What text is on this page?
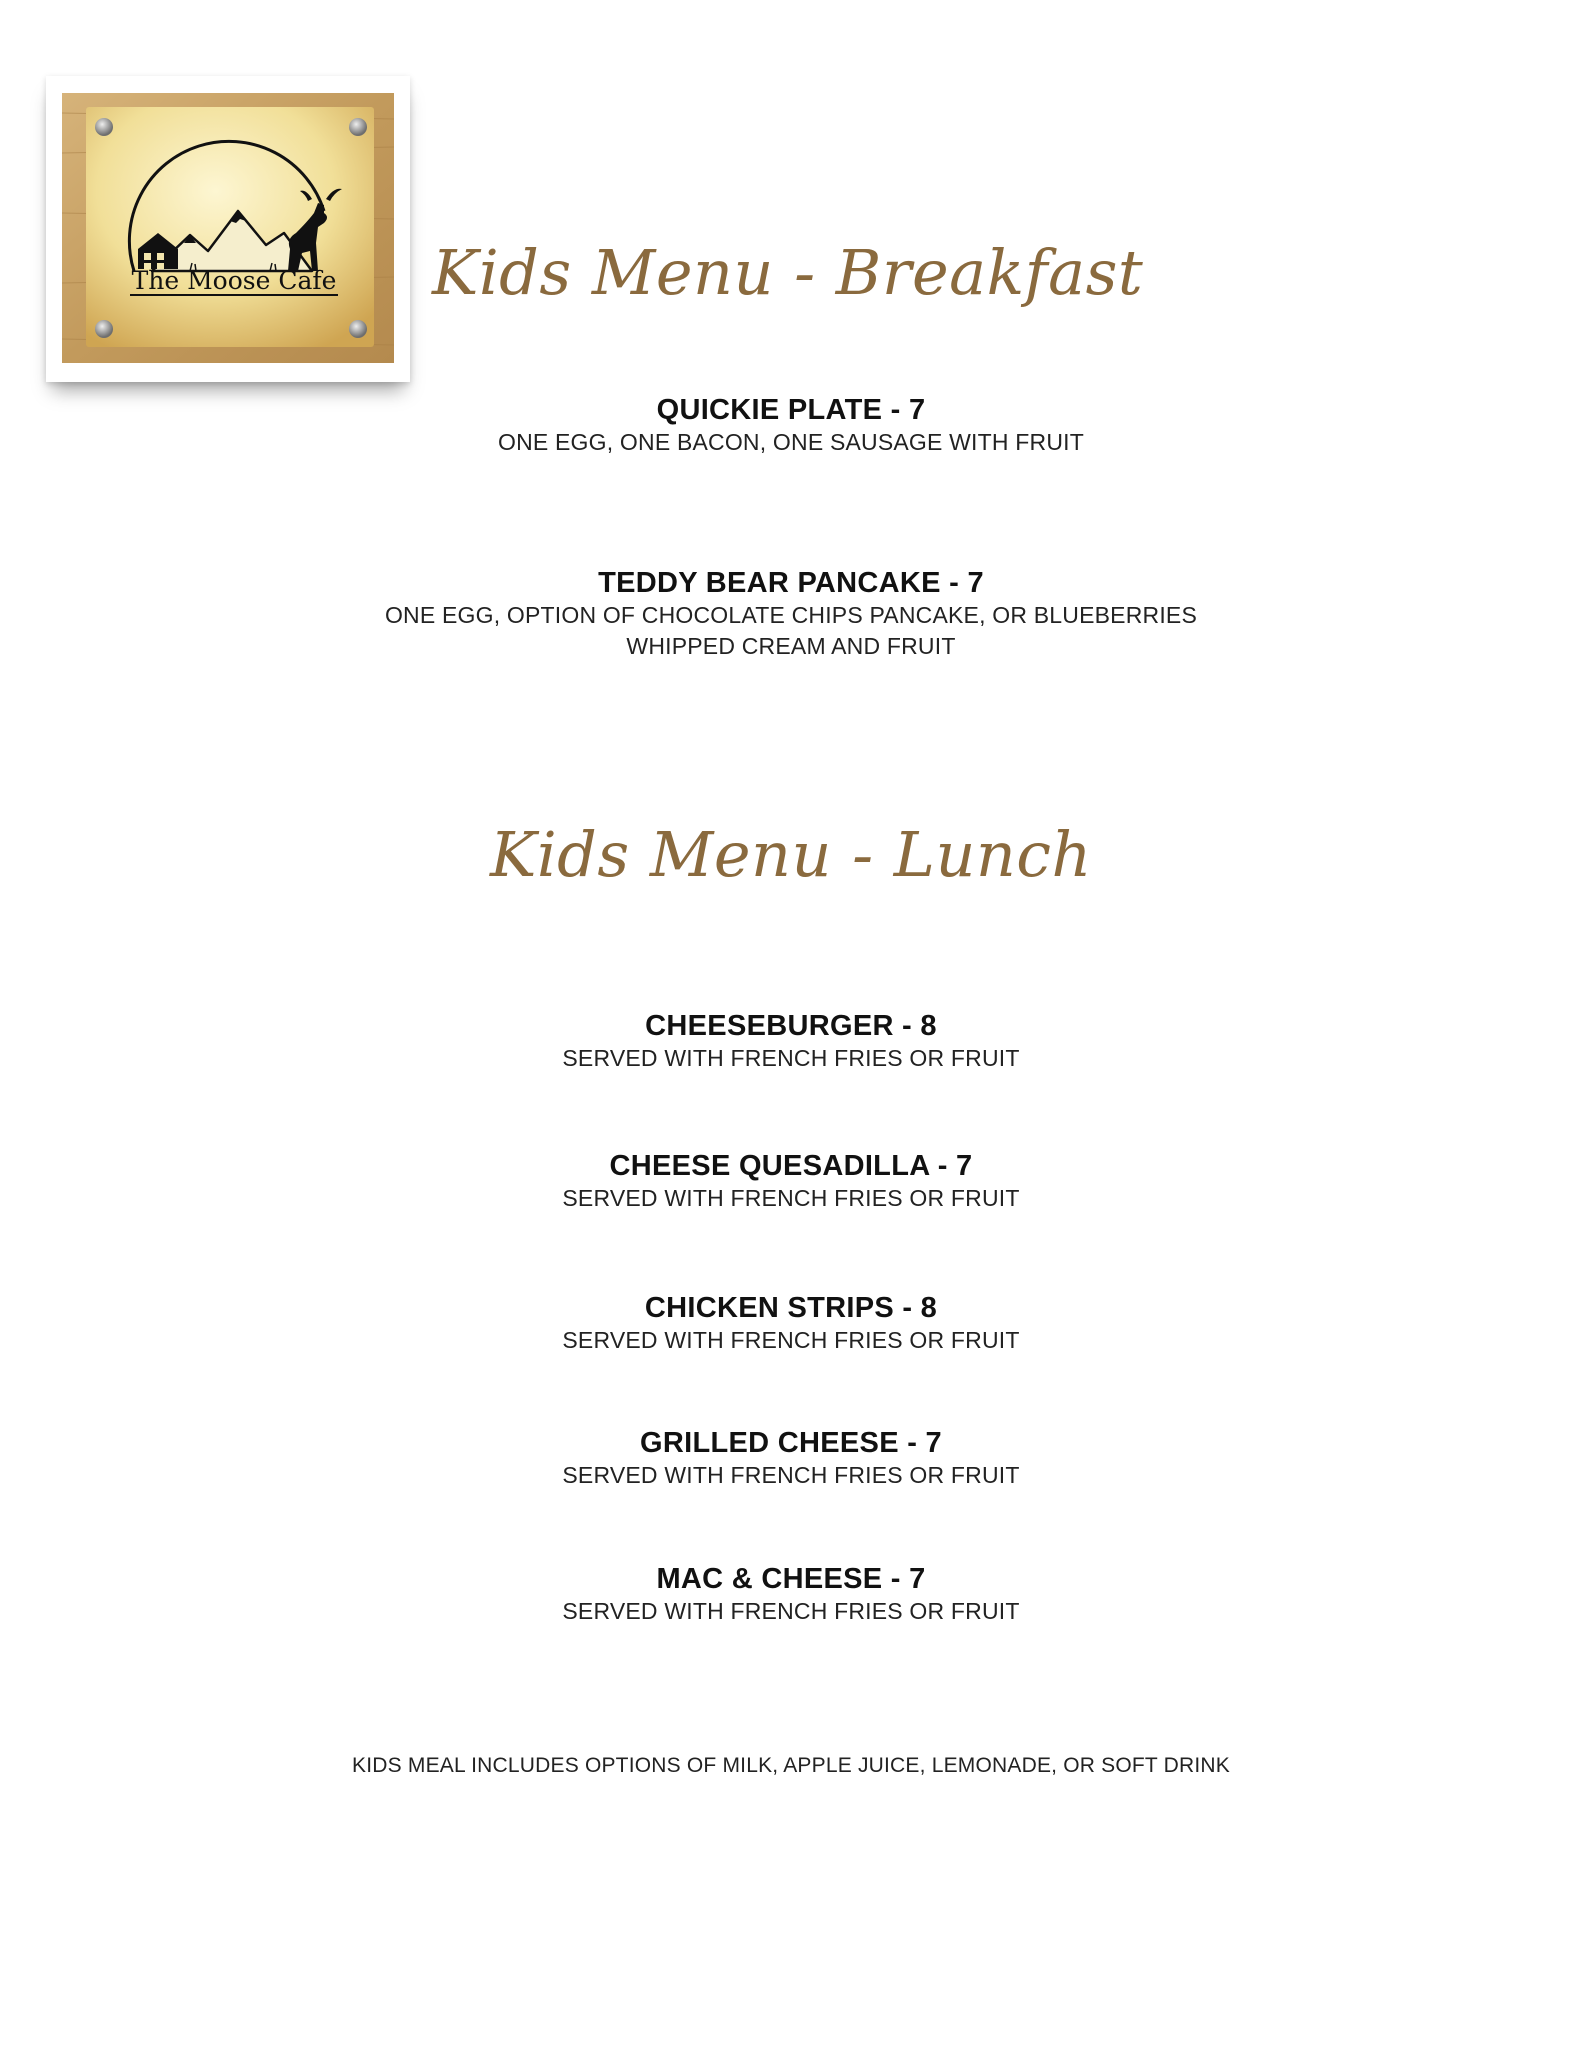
The Moose Cafe Kids Menu - Breakfast
QUICKIE PLATE - 7
ONE EGG, ONE BACON, ONE SAUSAGE WITH FRUIT
TEDDY BEAR PANCAKE - 7
ONE EGG, OPTION OF CHOCOLATE CHIPS PANCAKE, OR BLUEBERRIES
WHIPPED CREAM AND FRUIT
Kids Menu - Lunch
CHEESEBURGER - 8
SERVED WITH FRENCH FRIES OR FRUIT
CHEESE QUESADILLA - 7
SERVED WITH FRENCH FRIES OR FRUIT
CHICKEN STRIPS - 8
SERVED WITH FRENCH FRIES OR FRUIT
GRILLED CHEESE - 7
SERVED WITH FRENCH FRIES OR FRUIT
MAC & CHEESE - 7
SERVED WITH FRENCH FRIES OR FRUIT
KIDS MEAL INCLUDES OPTIONS OF MILK, APPLE JUICE, LEMONADE, OR SOFT DRINK
